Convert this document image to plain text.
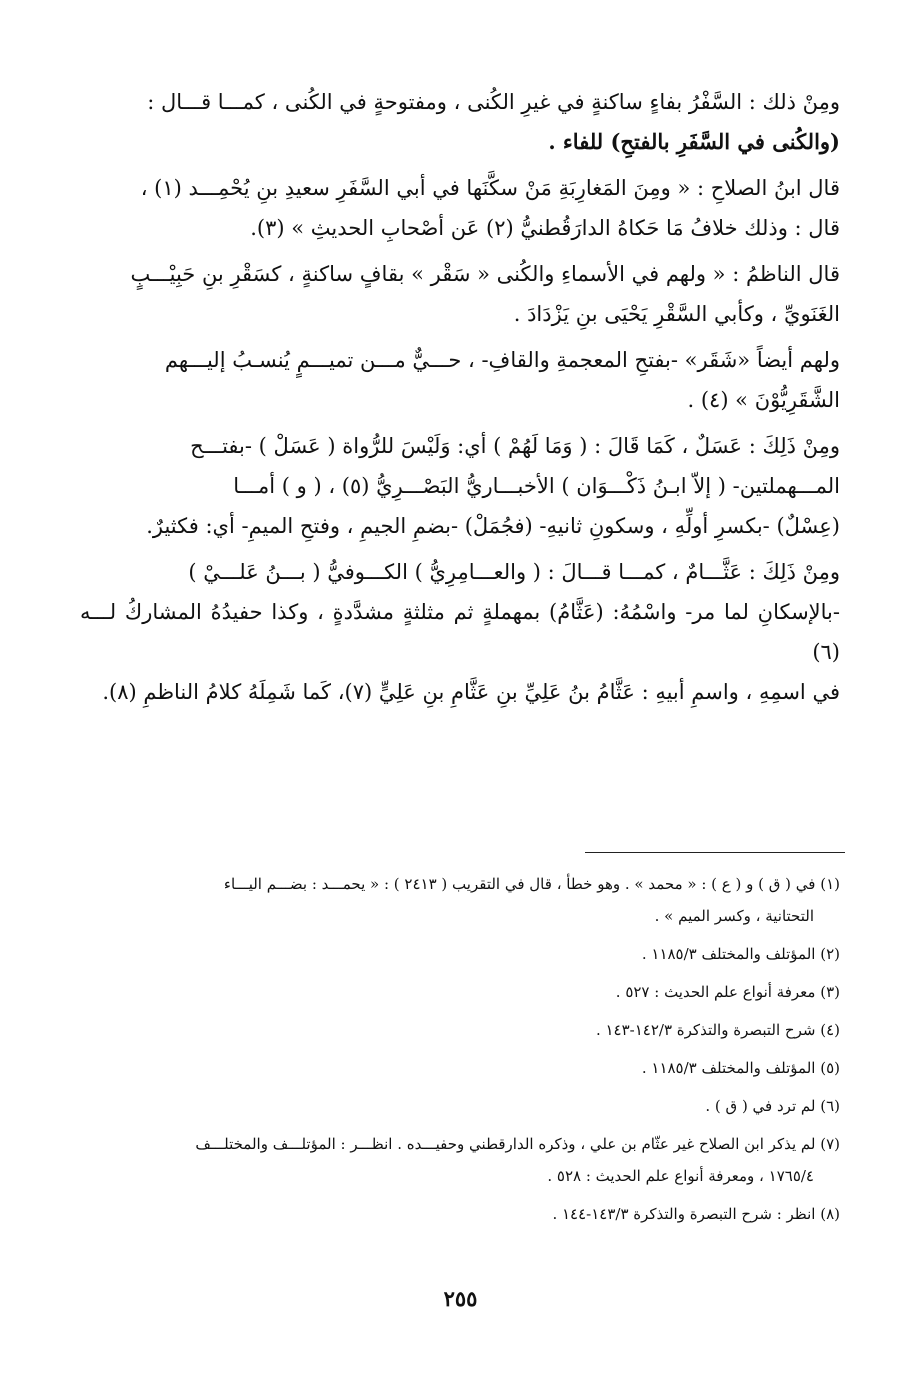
ومِنْ ذلك : السَّفْرُ بفاءٍ ساكنةٍ في غيرِ الكُنى ، ومفتوحةٍ في الكُنى ، كمـــا قـــال :
(والكُنى في السَّفَرِ بالفتحِ) للفاء .

قال ابنُ الصلاحِ : « ومِنَ المَغارِبَةِ مَنْ سكَّنَها في أبي السَّفَرِ سعيدِ بنِ يُحْمِـــد (١) ،
قال : وذلك خلافُ مَا حَكاهُ الدارَقُطنيُّ (٢) عَن أصْحابِ الحديثِ » (٣).

قال الناظمُ : « ولهم في الأسماءِ والكُنى « سَقْر » بقافٍ ساكنةٍ ، كسَقْرِ بنِ حَبِيْـــبٍ
الغَنَويِّ ، وكأبي السَّقْرِ يَحْيَى بنِ يَزْدَادَ .

ولهم أيضاً «شَقَر» -بفتحِ المعجمةِ والقافِ- ، حـــيٌّ مـــن تميـــمٍ يُنسـبُ إليـــهم
الشَّقَرِيُّوْنَ » (٤) .

ومِنْ ذَلِكَ : عَسَلٌ ، كَمَا قَالَ : ( وَمَا لَهُمْ ) أي: وَلَيْسَ للرُّواة ( عَسَلْ ) -بفتـــح
المـــهملتين- ( إلاّ ابـنُ ذَكْـــوَان ) الأخبـــاريُّ البَصْـــرِيُّ (٥) ، ( و ) أمـــا
(عِسْلٌ) -بكسرِ أولِّهِ ، وسكونِ ثانيهِ- (فجُمَلْ) -بضمِ الجيمِ ، وفتحِ الميمِ- أي: فكثيرٌ.

ومِنْ ذَلِكَ : عَثَّـــامٌ ، كمـــا قـــالَ : ( والعـــامِرِيُّ ) الكـــوفيُّ ( بـــنُ عَلـــيْ )
-بالإسكانِ لما مر- واسْمُهُ: (عَثَّامُ) بمهملةٍ ثم مثلثةٍ مشدَّدةٍ ، وكذا حفيدُهُ المشاركُ لـــه (٦)
في اسمِهِ ، واسمِ أبيهِ : عَثَّامُ بنُ عَلِيِّ بنِ عَثَّامِ بنِ عَلِيٍّ (٧)، كَما شَمِلَهُ كلامُ الناظمِ (٨).

(١) في ( ق ) و ( ع ) : « محمد » . وهو خطأ ، قال في التقريب ( ٢٤١٣ ) : « يحمـــد : بضـــم اليـــاء
التحتانية ، وكسر الميم » .
(٢) المؤتلف والمختلف ١١٨٥/٣ .
(٣) معرفة أنواع علم الحديث : ٥٢٧ .
(٤) شرح التبصرة والتذكرة ١٤٢/٣-١٤٣ .
(٥) المؤتلف والمختلف ١١٨٥/٣ .
(٦) لم ترد في ( ق ) .
(٧) لم يذكر ابن الصلاح غير عثّام بن علي ، وذكره الدارقطني وحفيـــده . انظـــر : المؤتلـــف والمختلـــف
١٧٦٥/٤ ، ومعرفة أنواع علم الحديث : ٥٢٨ .
(٨) انظر : شرح التبصرة والتذكرة ١٤٣/٣-١٤٤ .
٢٥٥
